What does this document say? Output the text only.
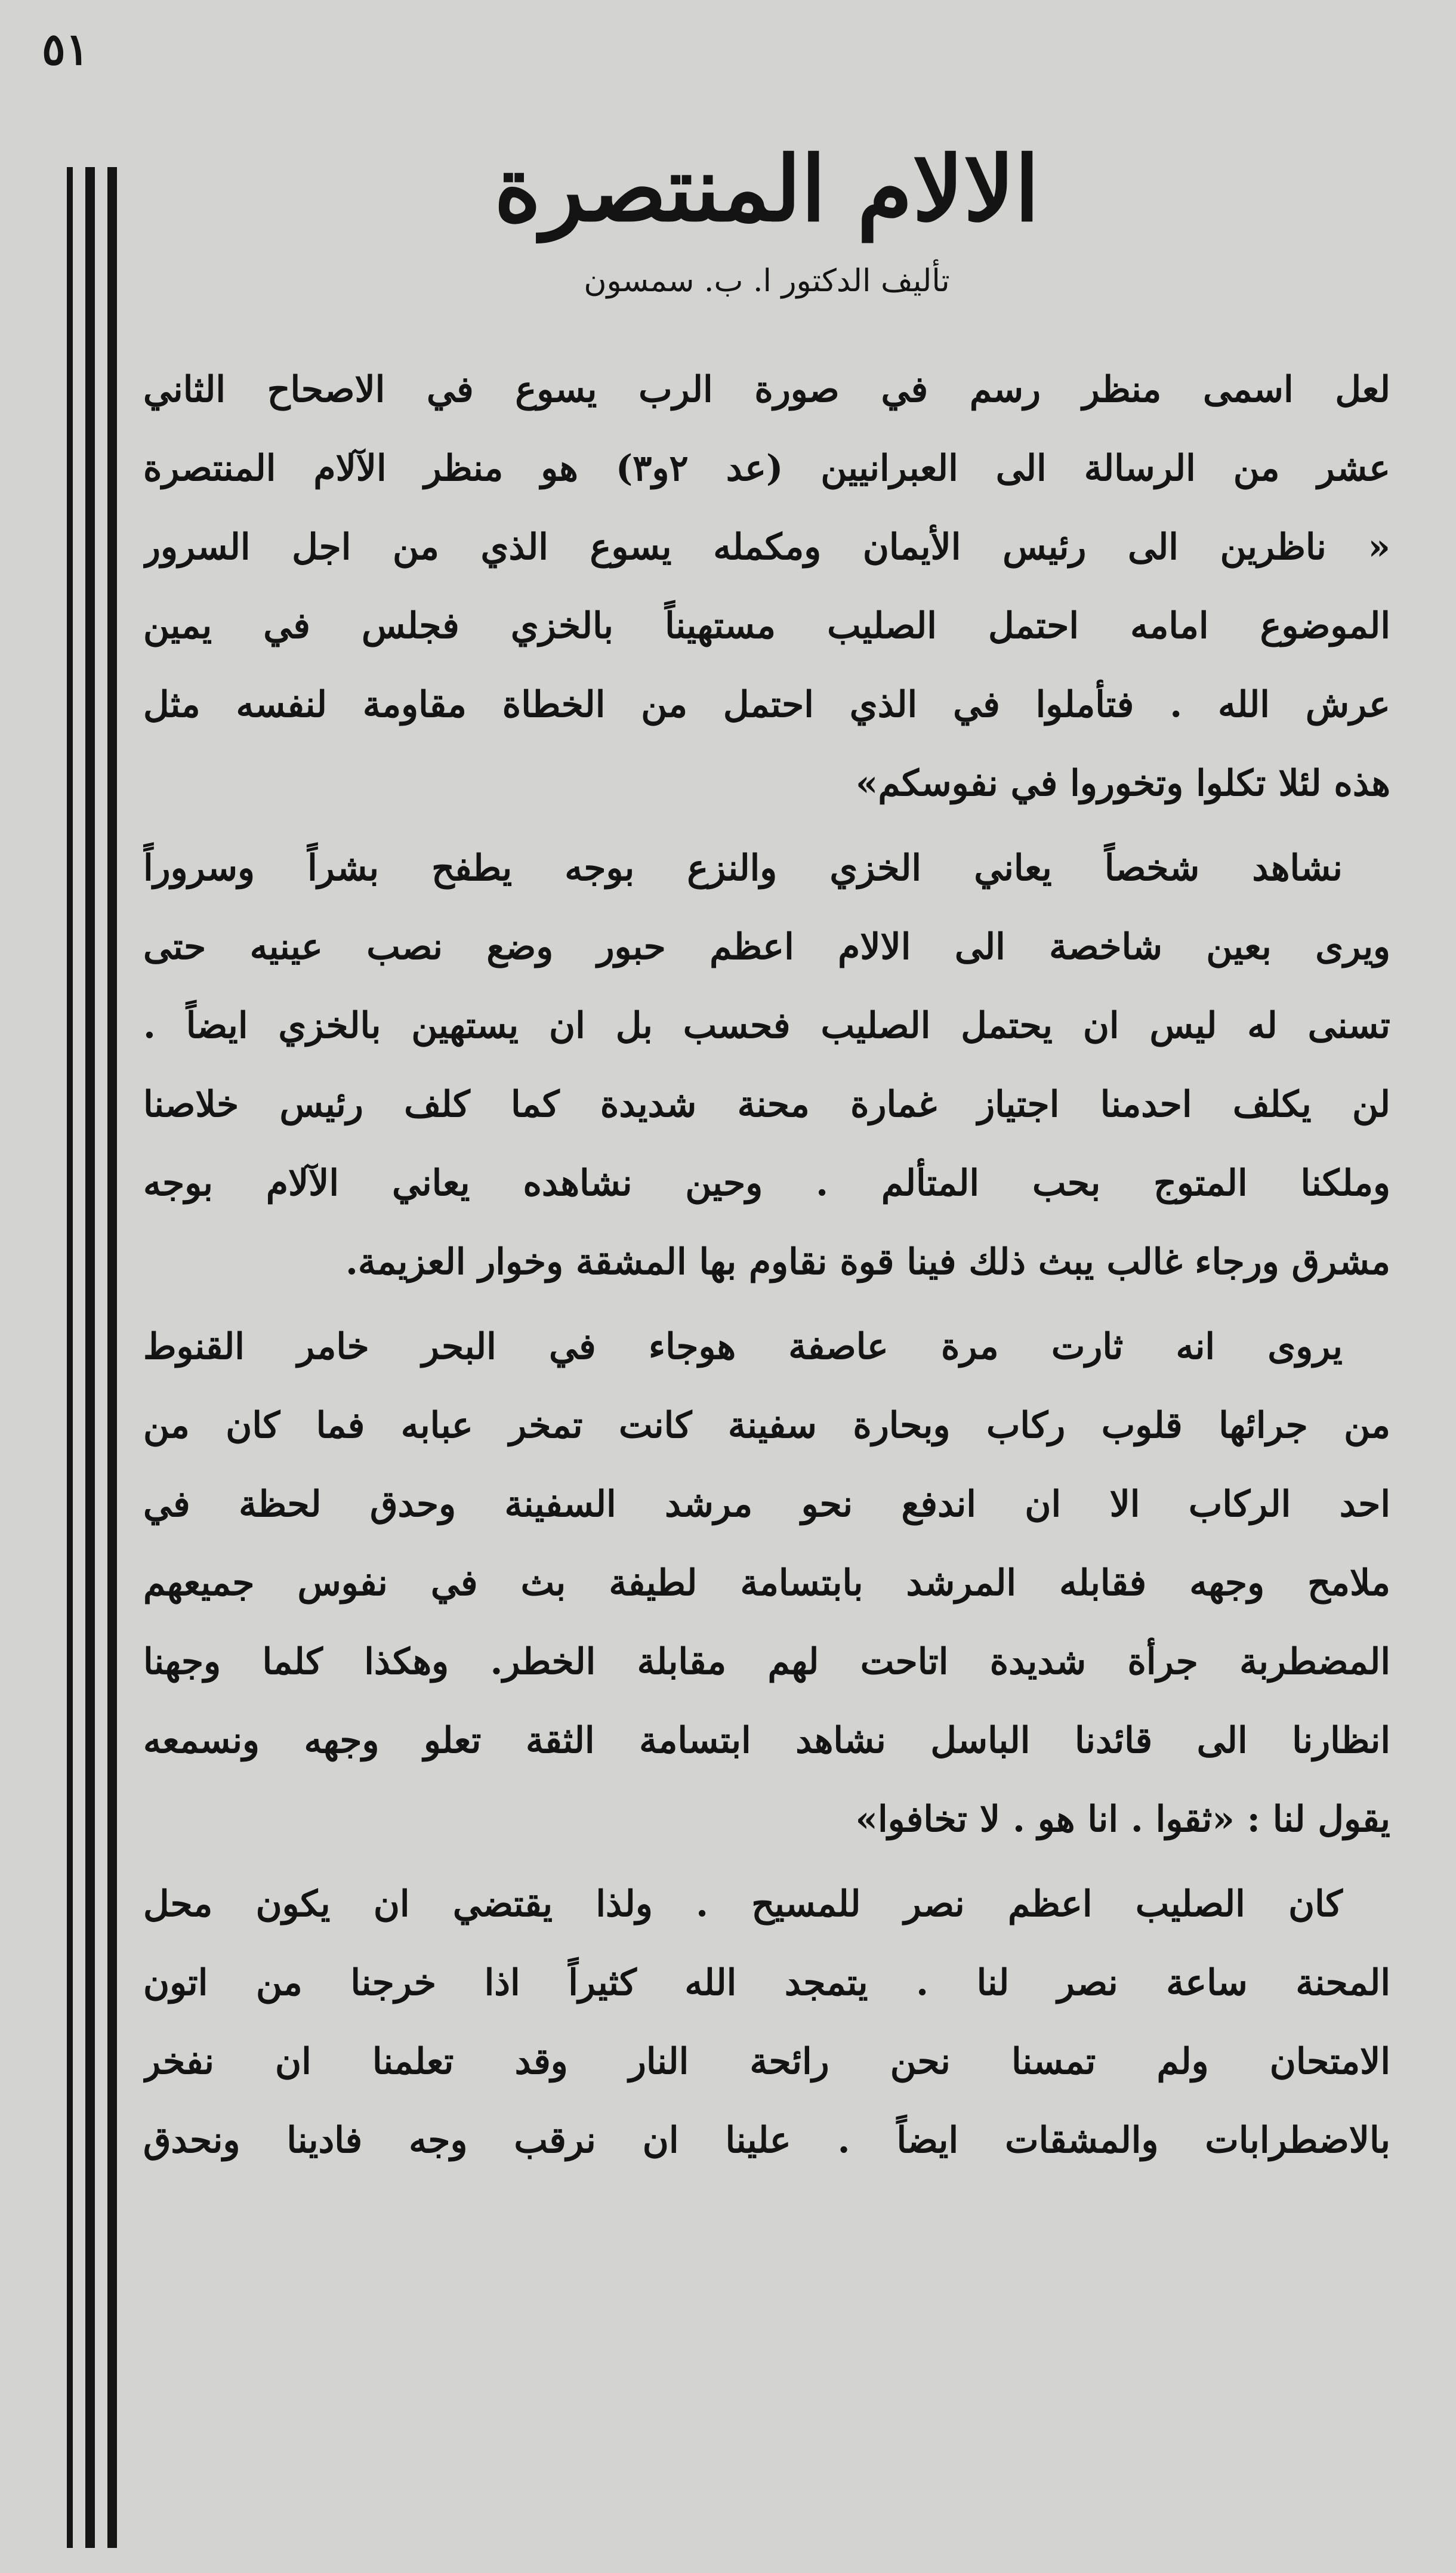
٥١
الالام المنتصرة
تأليف الدكتور ا. ب. سمسون
لعل اسمى منظر رسم في صورة الرب يسوع في الاصحاح الثاني
عشر من الرسالة الى العبرانيين (عد ٢و٣) هو منظر الآلام المنتصرة
« ناظرين الى رئيس الأيمان ومكمله يسوع الذي من اجل السرور
الموضوع امامه احتمل الصليب مستهيناً بالخزي فجلس في يمين
عرش الله . فتأملوا في الذي احتمل من الخطاة مقاومة لنفسه مثل
هذه لئلا تكلوا وتخوروا في نفوسكم»
نشاهد شخصاً يعاني الخزي والنزع بوجه يطفح بشراً وسروراً
ويرى بعين شاخصة الى الالام اعظم حبور وضع نصب عينيه حتى
تسنى له ليس ان يحتمل الصليب فحسب بل ان يستهين بالخزي ايضاً .
لن يكلف احدمنا اجتياز غمارة محنة شديدة كما كلف رئيس خلاصنا
وملكنا المتوج بحب المتألم . وحين نشاهده يعاني الآلام بوجه
مشرق ورجاء غالب يبث ذلك فينا قوة نقاوم بها المشقة وخوار العزيمة.
يروى انه ثارت مرة عاصفة هوجاء في البحر خامر القنوط
من جرائها قلوب ركاب وبحارة سفينة كانت تمخر عبابه فما كان من
احد الركاب الا ان اندفع نحو مرشد السفينة وحدق لحظة في
ملامح وجهه فقابله المرشد بابتسامة لطيفة بث في نفوس جميعهم
المضطربة جرأة شديدة اتاحت لهم مقابلة الخطر. وهكذا كلما وجهنا
انظارنا الى قائدنا الباسل نشاهد ابتسامة الثقة تعلو وجهه ونسمعه
يقول لنا : «ثقوا . انا هو . لا تخافوا»
كان الصليب اعظم نصر للمسيح . ولذا يقتضي ان يكون محل
المحنة ساعة نصر لنا . يتمجد الله كثيراً اذا خرجنا من اتون
الامتحان ولم تمسنا نحن رائحة النار وقد تعلمنا ان نفخر
بالاضطرابات والمشقات ايضاً . علينا ان نرقب وجه فادينا ونحدق
